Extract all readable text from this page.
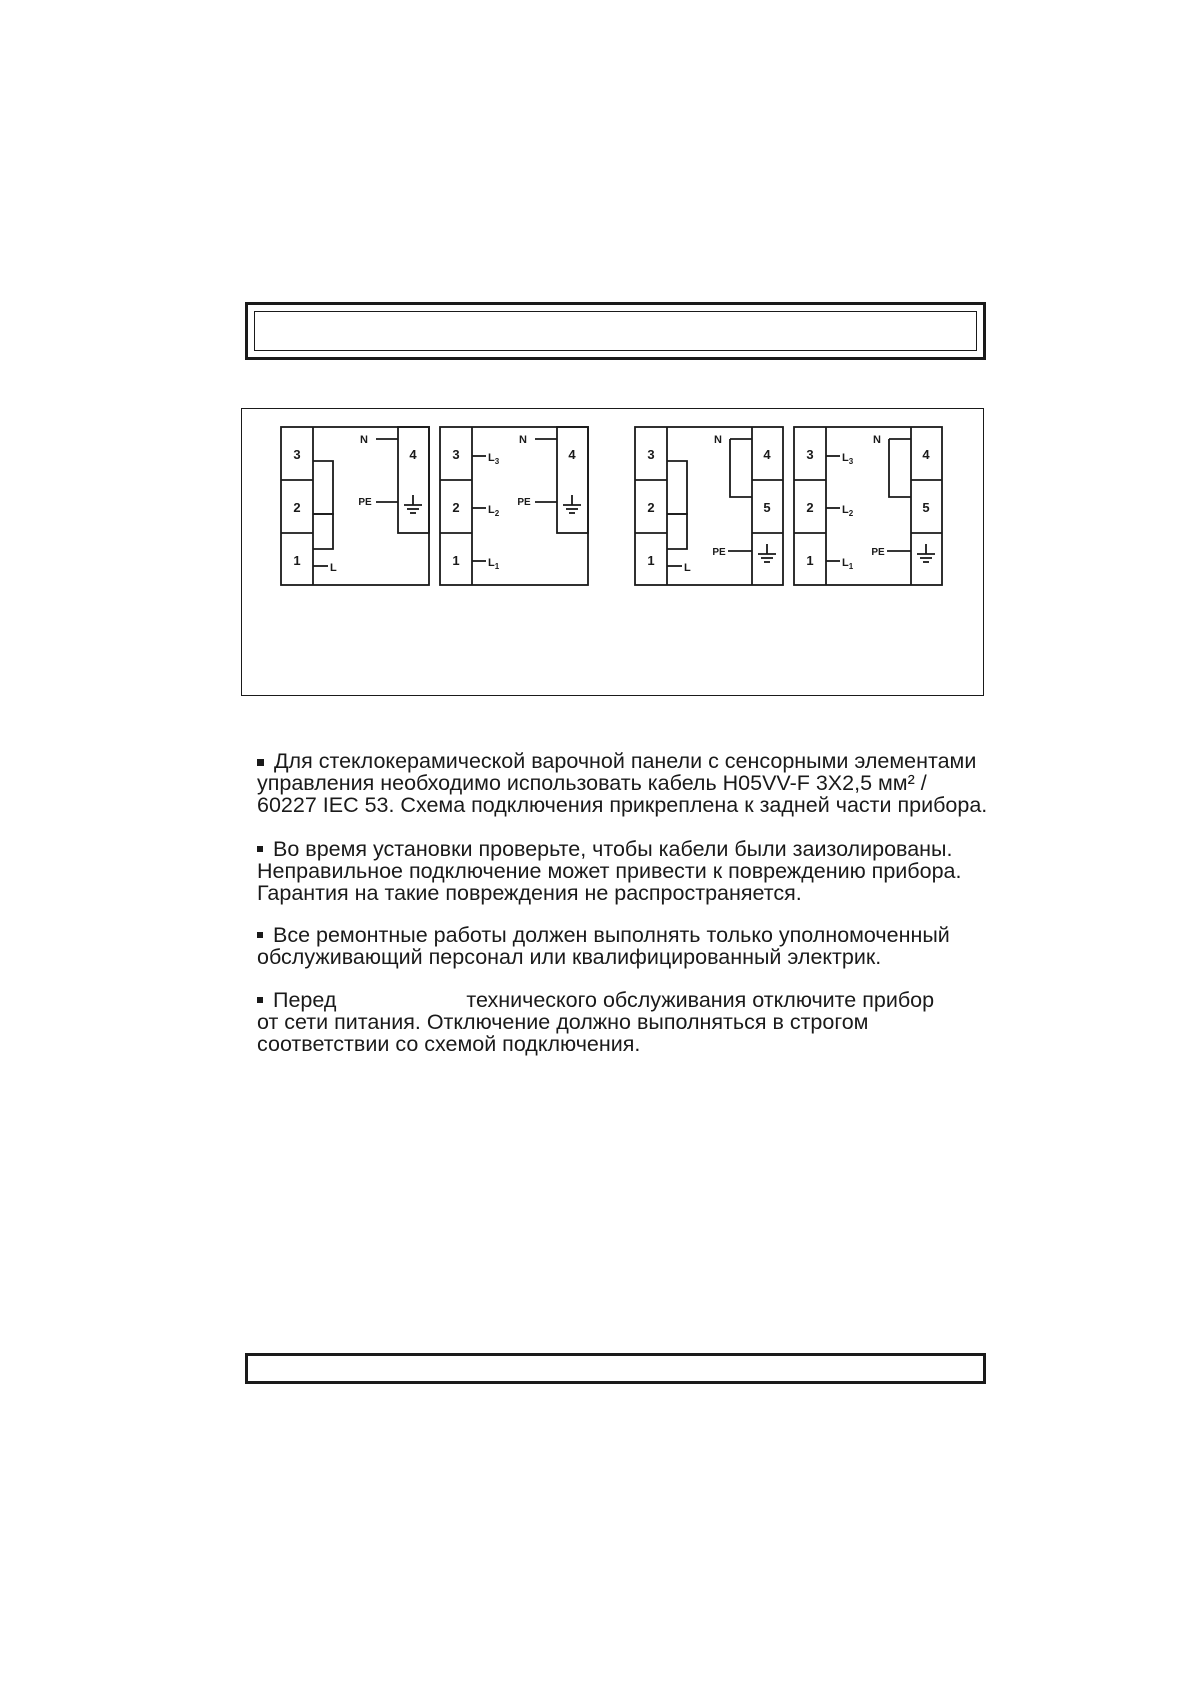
3
2
1
4
N
PE
L
3
2
1
4
N
PE
$L_3$
$L_2$
$L_1$
3
2
1
4
5
N
PE
L
3
2
1
4
5
N
PE
$L_3$
$L_2$
$L_1$

Для стеклокерамической варочной панели с сенсорными элементами

управления необходимо использовать кабель H05VV-F 3X2,5 мм² /

60227 IEC 53. Схема подключения прикреплена к задней части прибора.

Во время установки проверьте, чтобы кабели были заизолированы.

Неправильное подключение может привести к повреждению прибора.

Гарантия на такие повреждения не распространяется.

Все ремонтные работы должен выполнять только уполномоченный

обслуживающий персонал или квалифицированный электрик.

Перед	технического обслуживания отключите прибор

от сети питания. Отключение должно выполняться в строгом

соответствии со схемой подключения.
